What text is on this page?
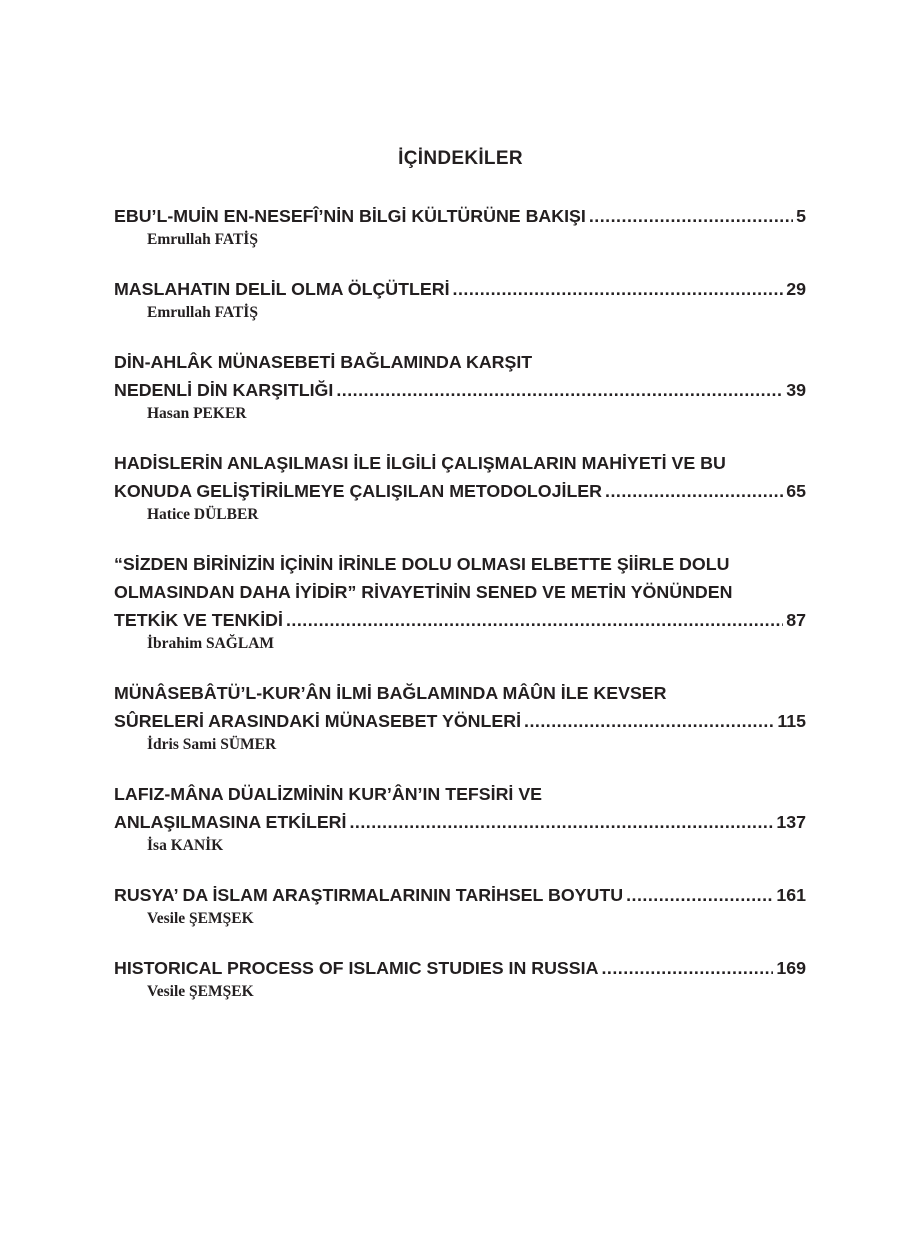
İÇİNDEKİLER
EBU’L-MUİN EN-NESEFÎ’NİN BİLGİ KÜLTÜRÜNE BAKIŞI .....	5
Emrullah FATİŞ
MASLAHATIN DELİL OLMA ÖLÇÜTLERİ .....	29
Emrullah FATİŞ
DİN-AHLÂK MÜNASEBETİ BAĞLAMINDA KARŞIT
NEDENLİ DİN KARŞITLIĞI .....	39
Hasan PEKER
HADİSLERİN ANLAŞILMASI İLE İLGİLİ ÇALIŞMALARIN MAHİYETİ VE BU
KONUDA GELİŞTİRİLMEYE ÇALIŞILAN METODOLOJİLER .....	65
Hatice DÜLBER
“SİZDEN BİRİNİZİN İÇİNİN İRİNLE DOLU OLMASI ELBETTE ŞİİRLE DOLU
OLMASINDAN DAHA İYİDİR” RİVAYETİNİN SENED VE METİN YÖNÜNDEN
TETKİK VE TENKİDİ .....	87
İbrahim SAĞLAM
MÜNÂSEBÂTÜ’L-KUR’ÂN İLMİ BAĞLAMINDA MÂÛN İLE KEVSER
SÛRELERİ ARASINDAKİ MÜNASEBET YÖNLERİ .....	115
İdris Sami SÜMER
LAFIZ-MÂNA DÜALİZMİNİN KUR’ÂN’IN TEFSİRİ VE
ANLAŞILMASINA ETKİLERİ .....	137
İsa KANİK
RUSYA’ DA İSLAM ARAŞTIRMALARININ TARİHSEL BOYUTU .....	161
Vesile ŞEMŞEK
HISTORICAL PROCESS OF ISLAMIC STUDIES IN RUSSIA .....	169
Vesile ŞEMŞEK
